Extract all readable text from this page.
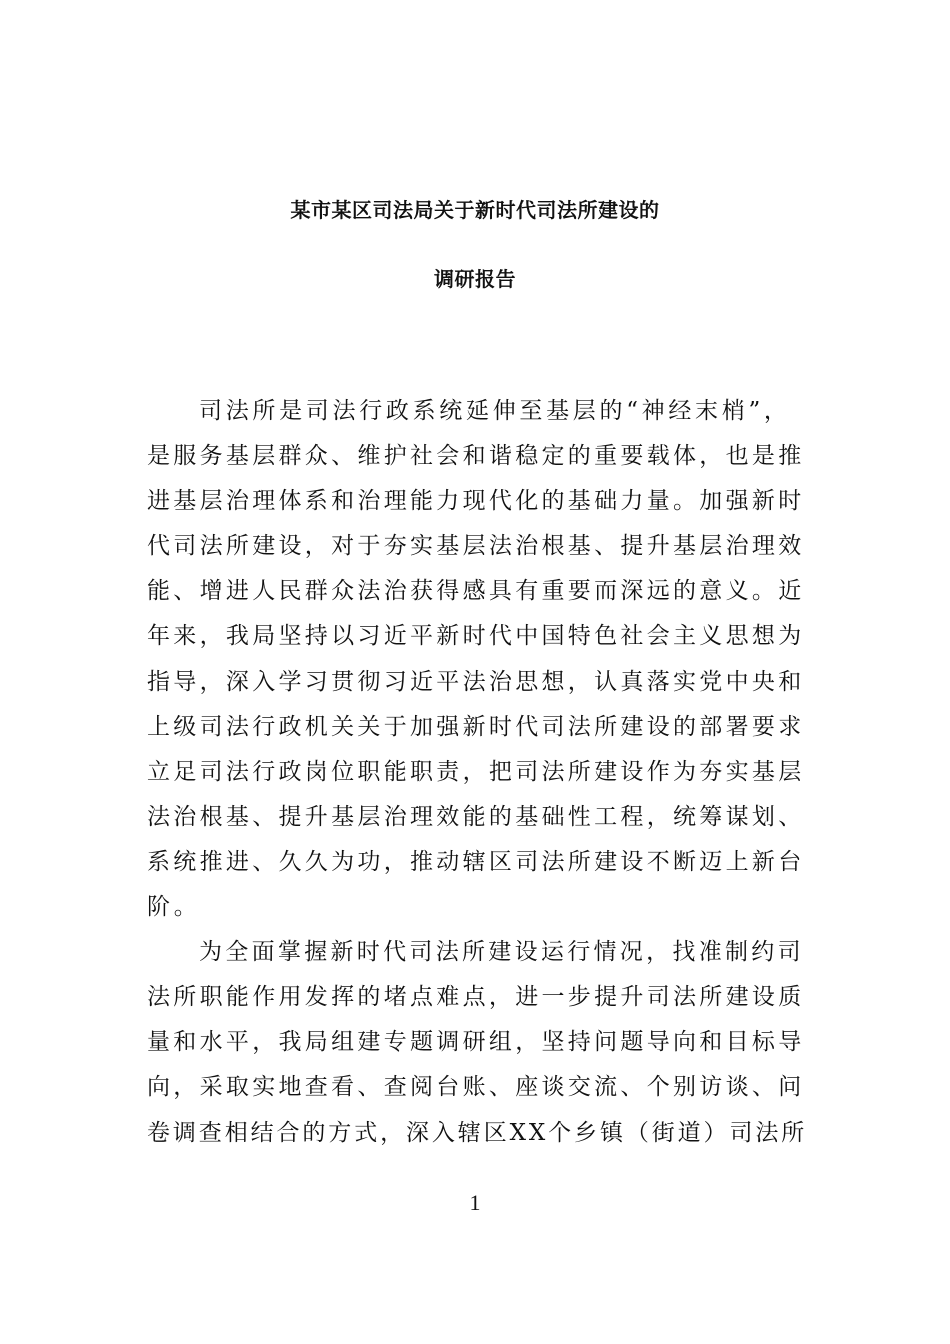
某市某区司法局关于新时代司法所建设的
调研报告
司法所是司法行政系统延伸至基层的“神经末梢”，
是服务基层群众、维护社会和谐稳定的重要载体，也是推
进基层治理体系和治理能力现代化的基础力量。加强新时
代司法所建设，对于夯实基层法治根基、提升基层治理效
能、增进人民群众法治获得感具有重要而深远的意义。近
年来，我局坚持以习近平新时代中国特色社会主义思想为
指导，深入学习贯彻习近平法治思想，认真落实党中央和
上级司法行政机关关于加强新时代司法所建设的部署要求
立足司法行政岗位职能职责，把司法所建设作为夯实基层
法治根基、提升基层治理效能的基础性工程，统筹谋划、
系统推进、久久为功，推动辖区司法所建设不断迈上新台
阶。
为全面掌握新时代司法所建设运行情况，找准制约司
法所职能作用发挥的堵点难点，进一步提升司法所建设质
量和水平，我局组建专题调研组，坚持问题导向和目标导
向，采取实地查看、查阅台账、座谈交流、个别访谈、问
卷调查相结合的方式，深入辖区XX个乡镇（街道）司法所
1
